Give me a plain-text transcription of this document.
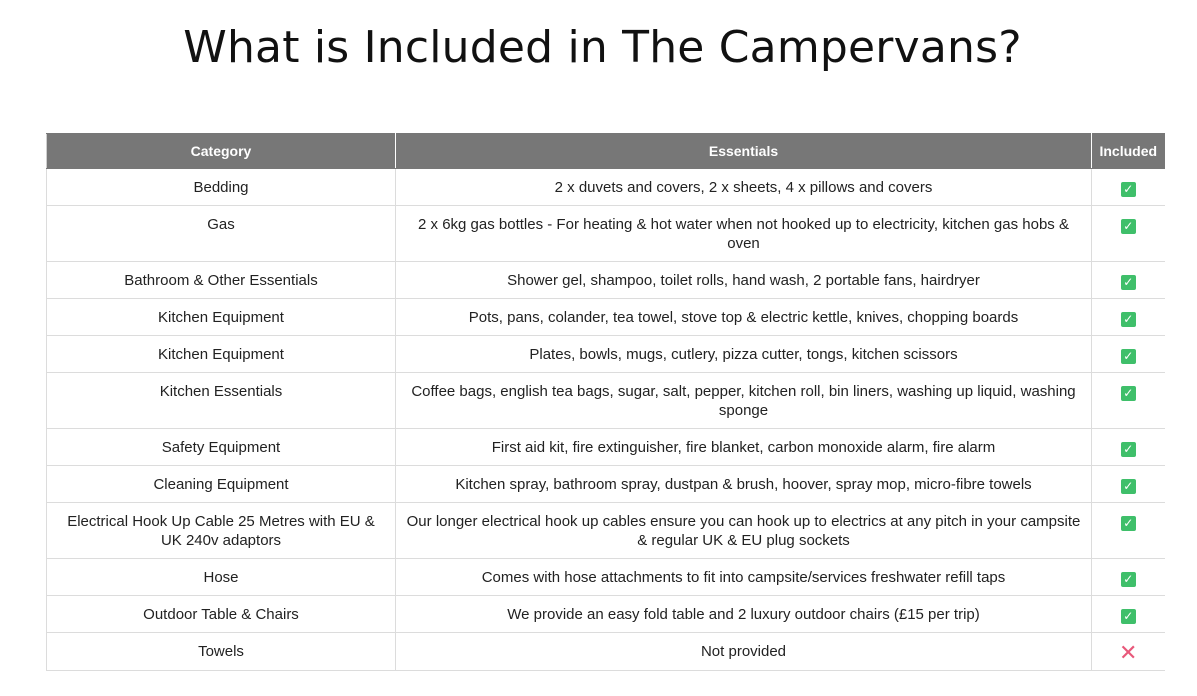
What is Included in The Campervans?
Category	Essentials	Included
Bedding	2 x duvets and covers, 2 x sheets, 4 x pillows and covers	✓
Gas	2 x 6kg gas bottles - For heating & hot water when not hooked up to electricity, kitchen gas hobs & oven	✓
Bathroom & Other Essentials	Shower gel, shampoo, toilet rolls, hand wash, 2 portable fans, hairdryer	✓
Kitchen Equipment	Pots, pans, colander, tea towel, stove top & electric kettle, knives, chopping boards	✓
Kitchen Equipment	Plates, bowls, mugs, cutlery, pizza cutter, tongs, kitchen scissors	✓
Kitchen Essentials	Coffee bags, english tea bags, sugar, salt, pepper, kitchen roll, bin liners, washing up liquid, washing sponge	✓
Safety Equipment	First aid kit, fire extinguisher, fire blanket, carbon monoxide alarm, fire alarm	✓
Cleaning Equipment	Kitchen spray, bathroom spray, dustpan & brush, hoover, spray mop, micro-fibre towels	✓
Electrical Hook Up Cable 25 Metres with EU & UK 240v adaptors	Our longer electrical hook up cables ensure you can hook up to electrics at any pitch in your campsite & regular UK & EU plug sockets	✓
Hose	Comes with hose attachments to fit into campsite/services freshwater refill taps	✓
Outdoor Table & Chairs	We provide an easy fold table and 2 luxury outdoor chairs (£15 per trip)	✓
Towels	Not provided	✕
